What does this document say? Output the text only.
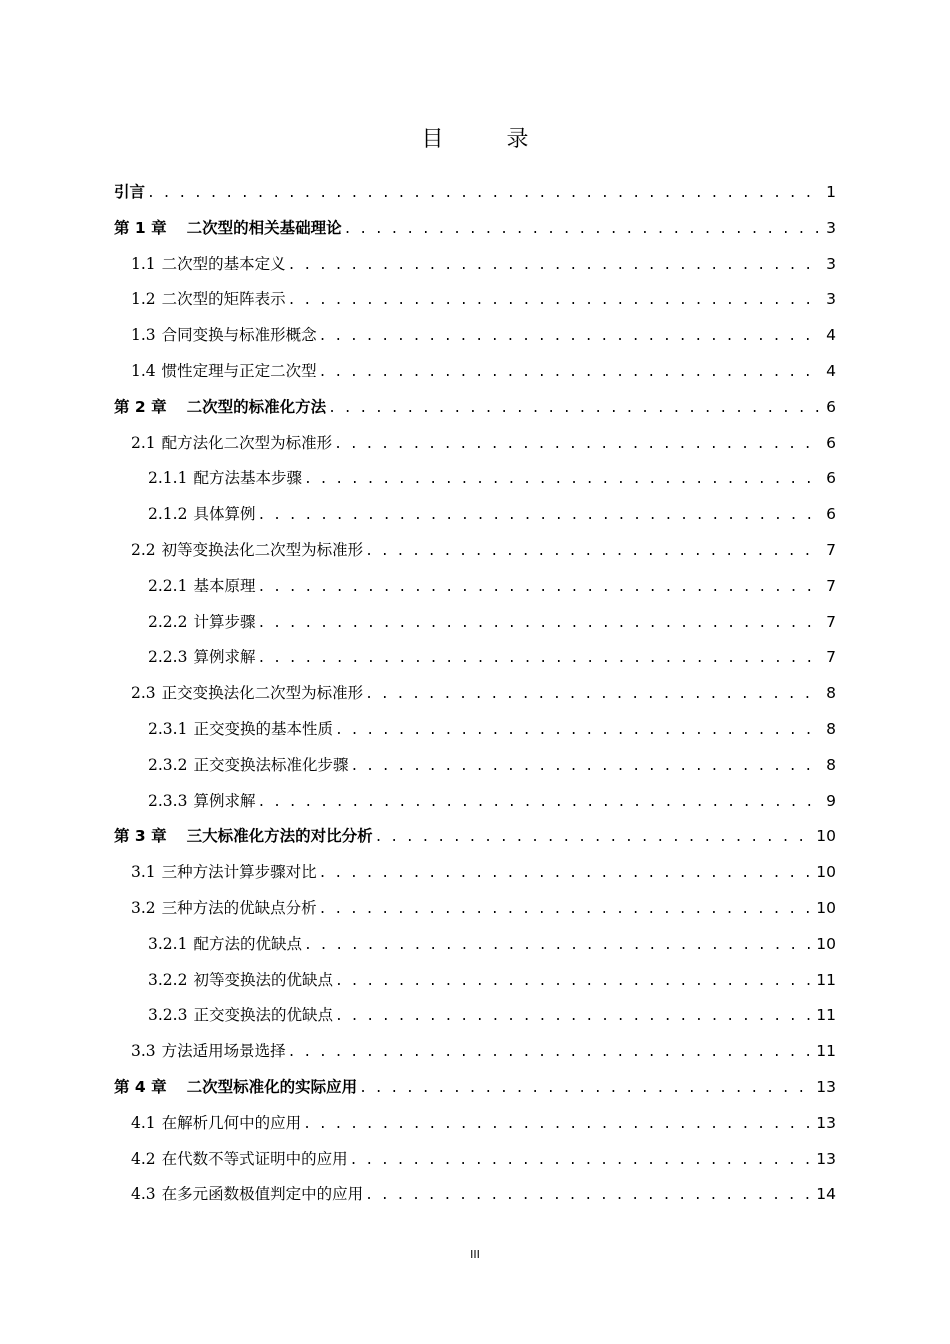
目 录
引言 . . .	1
第 1 章 二次型的相关基础理论 . . .	3
1.1 二次型的基本定义 . . .	3
1.2 二次型的矩阵表示 . . .	3
1.3 合同变换与标准形概念 . . .	4
1.4 惯性定理与正定二次型 . . .	4
第 2 章 二次型的标准化方法 . . .	6
2.1 配方法化二次型为标准形 . . .	6
2.1.1 配方法基本步骤 . . .	6
2.1.2 具体算例 . . .	6
2.2 初等变换法化二次型为标准形 . . .	7
2.2.1 基本原理 . . .	7
2.2.2 计算步骤 . . .	7
2.2.3 算例求解 . . .	7
2.3 正交变换法化二次型为标准形 . . .	8
2.3.1 正交变换的基本性质 . . .	8
2.3.2 正交变换法标准化步骤 . . .	8
2.3.3 算例求解 . . .	9
第 3 章 三大标准化方法的对比分析 . . .	10
3.1 三种方法计算步骤对比 . . .	10
3.2 三种方法的优缺点分析 . . .	10
3.2.1 配方法的优缺点 . . .	10
3.2.2 初等变换法的优缺点 . . .	11
3.2.3 正交变换法的优缺点 . . .	11
3.3 方法适用场景选择 . . .	11
第 4 章 二次型标准化的实际应用 . . .	13
4.1 在解析几何中的应用 . . .	13
4.2 在代数不等式证明中的应用 . . .	13
4.3 在多元函数极值判定中的应用 . . .	14
III
